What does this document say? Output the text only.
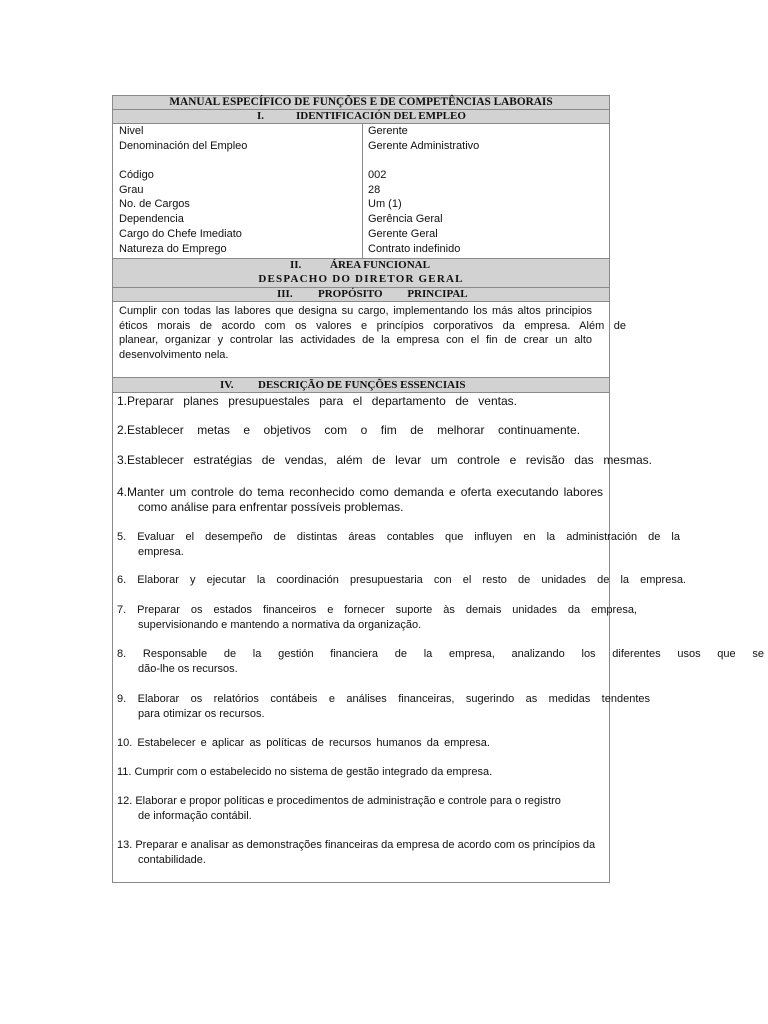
MANUAL ESPECÍFICO DE FUNÇÕES E DE COMPETÊNCIAS LABORAIS
I.	IDENTIFICACIÓN DEL EMPLEO
Nivel	Gerente
Denominación del Empleo	Gerente Administrativo
Código	002
Grau	28
No. de Cargos	Um (1)
Dependencia	Gerência Geral
Cargo do Chefe Imediato	Gerente Geral
Natureza do Emprego	Contrato indefinido
II.	ÁREA FUNCIONAL
DESPACHO DO DIRETOR GERAL
III. PROPÓSITO PRINCIPAL
Cumplir con todas las labores que designa su cargo, implementando los más altos principios
éticos morais de acordo com os valores e princípios corporativos da empresa. Além de
planear, organizar y controlar las actividades de la empresa con el fin de crear un alto
desenvolvimento nela.
IV. DESCRIÇÃO DE FUNÇÕES ESSENCIAIS
1.Preparar planes presupuestales para el departamento de ventas.
2.Establecer metas e objetivos com o fim de melhorar continuamente.
3.Establecer estratégias de vendas, além de levar um controle e revisão das mesmas.
4.Manter um controle do tema reconhecido como demanda e oferta executando labores
como análise para enfrentar possíveis problemas.
5. Evaluar el desempeño de distintas áreas contables que influyen en la administración de la
empresa.
6. Elaborar y ejecutar la coordinación presupuestaria con el resto de unidades de la empresa.
7. Preparar os estados financeiros e fornecer suporte às demais unidades da empresa,
supervisionando e mantendo a normativa da organização.
8. Responsable de la gestión financiera de la empresa, analizando los diferentes usos que se
dão-lhe os recursos.
9. Elaborar os relatórios contábeis e análises financeiras, sugerindo as medidas tendentes
para otimizar os recursos.
10. Estabelecer e aplicar as políticas de recursos humanos da empresa.
11. Cumprir com o estabelecido no sistema de gestão integrado da empresa.
12. Elaborar e propor políticas e procedimentos de administração e controle para o registro
de informação contábil.
13. Preparar e analisar as demonstrações financeiras da empresa de acordo com os princípios da
contabilidade.
